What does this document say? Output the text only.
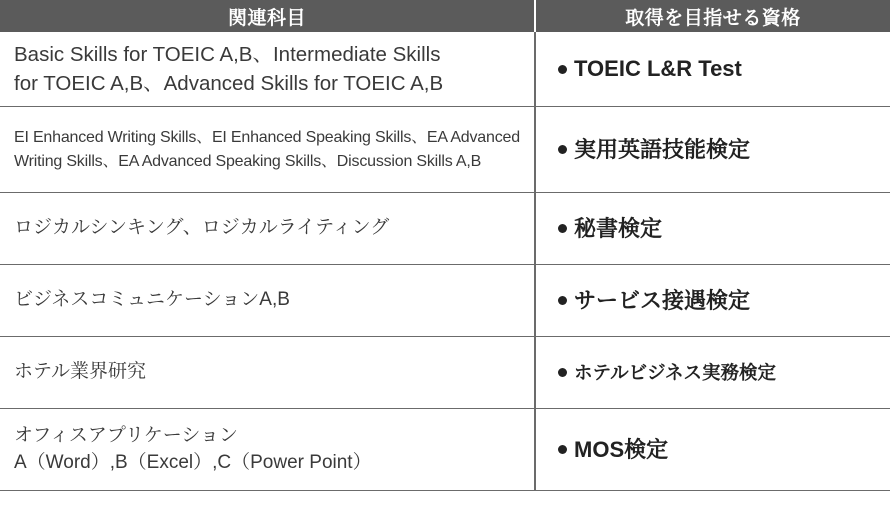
関連科目	取得を目指せる資格

Basic Skills for TOEIC A,B、Intermediate Skills
for TOEIC A,B、Advanced Skills for TOEIC A,B	TOEIC L&R Test

EI Enhanced Writing Skills、EI Enhanced Speaking Skills、EA Advanced
Writing Skills、EA Advanced Speaking Skills、Discussion Skills A,B	実用英語技能検定

ロジカルシンキング、ロジカルライティング	秘書検定

ビジネスコミュニケーションA,B	サービス接遇検定

ホテル業界研究	ホテルビジネス実務検定

オフィスアプリケーション
A（Word）,B（Excel）,C（Power Point）	MOS検定
